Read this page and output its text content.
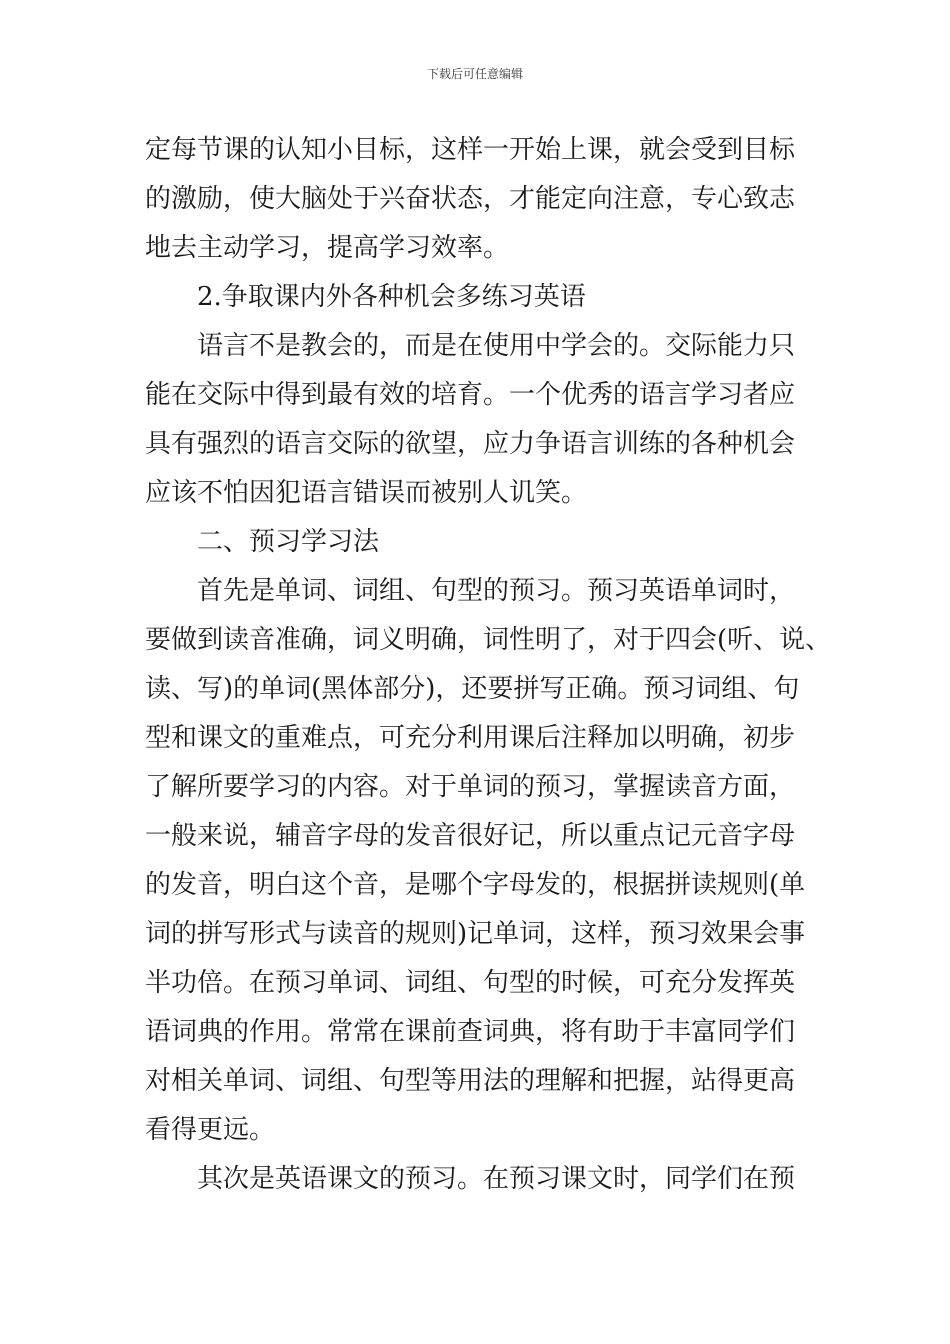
下载后可任意编辑
定每节课的认知小目标，这样一开始上课，就会受到目标
的激励，使大脑处于兴奋状态，才能定向注意，专心致志
地去主动学习，提高学习效率。
2.争取课内外各种机会多练习英语
语言不是教会的，而是在使用中学会的。交际能力只
能在交际中得到最有效的培育。一个优秀的语言学习者应
具有强烈的语言交际的欲望，应力争语言训练的各种机会
应该不怕因犯语言错误而被别人讥笑。
二、预习学习法
首先是单词、词组、句型的预习。预习英语单词时，
要做到读音准确，词义明确，词性明了，对于四会(听、说、
读、写)的单词(黑体部分)，还要拼写正确。预习词组、句
型和课文的重难点，可充分利用课后注释加以明确，初步
了解所要学习的内容。对于单词的预习，掌握读音方面，
一般来说，辅音字母的发音很好记，所以重点记元音字母
的发音，明白这个音，是哪个字母发的，根据拼读规则(单
词的拼写形式与读音的规则)记单词，这样，预习效果会事
半功倍。在预习单词、词组、句型的时候，可充分发挥英
语词典的作用。常常在课前查词典，将有助于丰富同学们
对相关单词、词组、句型等用法的理解和把握，站得更高
看得更远。
其次是英语课文的预习。在预习课文时，同学们在预
